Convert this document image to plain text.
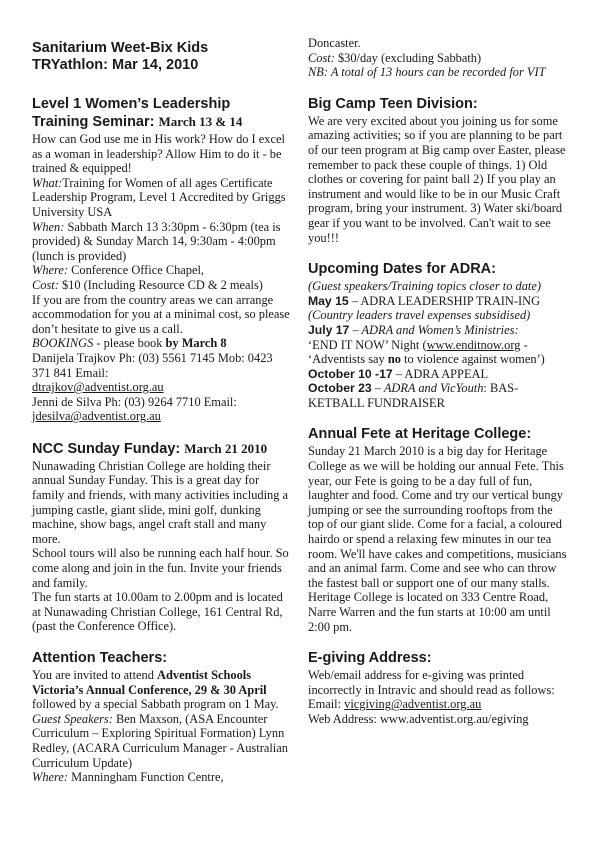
Sanitarium Weet-Bix Kids
TRYathlon: Mar 14, 2010
Level 1 Women’s Leadership
Training Seminar: March 13 & 14

How can God use me in His work? How do I excel as a woman in leadership? Allow Him to do it - be trained & equipped!

What:Training for Women of all ages Certificate Leadership Program, Level 1 Accredited by Griggs University USA

When: Sabbath March 13 3:30pm - 6:30pm (tea is provided) & Sunday March 14, 9:30am - 4:00pm (lunch is provided)

Where: Conference Office Chapel,

Cost: $10 (Including Resource CD & 2 meals)

If you are from the country areas we can arrange accommodation for you at a minimal cost, so please don’t hesitate to give us a call.

BOOKINGS - please book by March 8

Danijela Trajkov Ph: (03) 5561 7145 Mob: 0423 371 841 Email:

dtrajkov@adventist.org.au

Jenni de Silva Ph: (03) 9264 7710 Email:

jdesilva@adventist.org.au

NCC Sunday Funday: March 21 2010

Nunawading Christian College are holding their annual Sunday Funday. This is a great day for family and friends, with many activities including a jumping castle, giant slide, mini golf, dunking machine, show bags, angel craft stall and many more.

School tours will also be running each half hour. So come along and join in the fun. Invite your friends and family.

The fun starts at 10.00am to 2.00pm and is located at Nunawading Christian College, 161 Central Rd, (past the Conference Office).

Attention Teachers:

You are invited to attend Adventist Schools Victoria’s Annual Conference, 29 & 30 April followed by a special Sabbath program on 1 May.

Guest Speakers: Ben Maxson, (ASA Encounter Curriculum – Exploring Spiritual Formation) Lynn Redley, (ACARA Curriculum Manager - Australian Curriculum Update)

Where: Manningham Function Centre,

Doncaster.

Cost: $30/day (excluding Sabbath)

NB: A total of 13 hours can be recorded for VIT

Big Camp Teen Division:

We are very excited about you joining us for some amazing activities; so if you are planning to be part of our teen program at Big camp over Easter, please remember to pack these couple of things. 1) Old clothes or covering for paint ball 2) If you play an instrument and would like to be in our Music Craft program, bring your instrument. 3) Water ski/board gear if you want to be involved. Can't wait to see you!!!

Upcoming Dates for ADRA:

(Guest speakers/Training topics closer to date)

May 15 – ADRA LEADERSHIP TRAIN-ING (Country leaders travel expenses subsidised)

July 17 – ADRA and Women’s Ministries:
‘END IT NOW’ Night (www.enditnow.org - ‘Adventists say no to violence against women’)

October 10 -17 – ADRA APPEAL

October 23 – ADRA and VicYouth: BAS-KETBALL FUNDRAISER

Annual Fete at Heritage College:

Sunday 21 March 2010 is a big day for Heritage College as we will be holding our annual Fete. This year, our Fete is going to be a day full of fun, laughter and food. Come and try our vertical bungy jumping or see the surrounding rooftops from the top of our giant slide. Come for a facial, a coloured hairdo or spend a relaxing few minutes in our tea room. We'll have cakes and competitions, musicians and an animal farm. Come and see who can throw the fastest ball or support one of our many stalls. Heritage College is located on 333 Centre Road, Narre Warren and the fun starts at 10:00 am until 2:00 pm.

E-giving Address:

Web/email address for e-giving was printed incorrectly in Intravic and should read as follows: Email: vicgiving@adventist.org.au

Web Address: www.adventist.org.au/egiving
